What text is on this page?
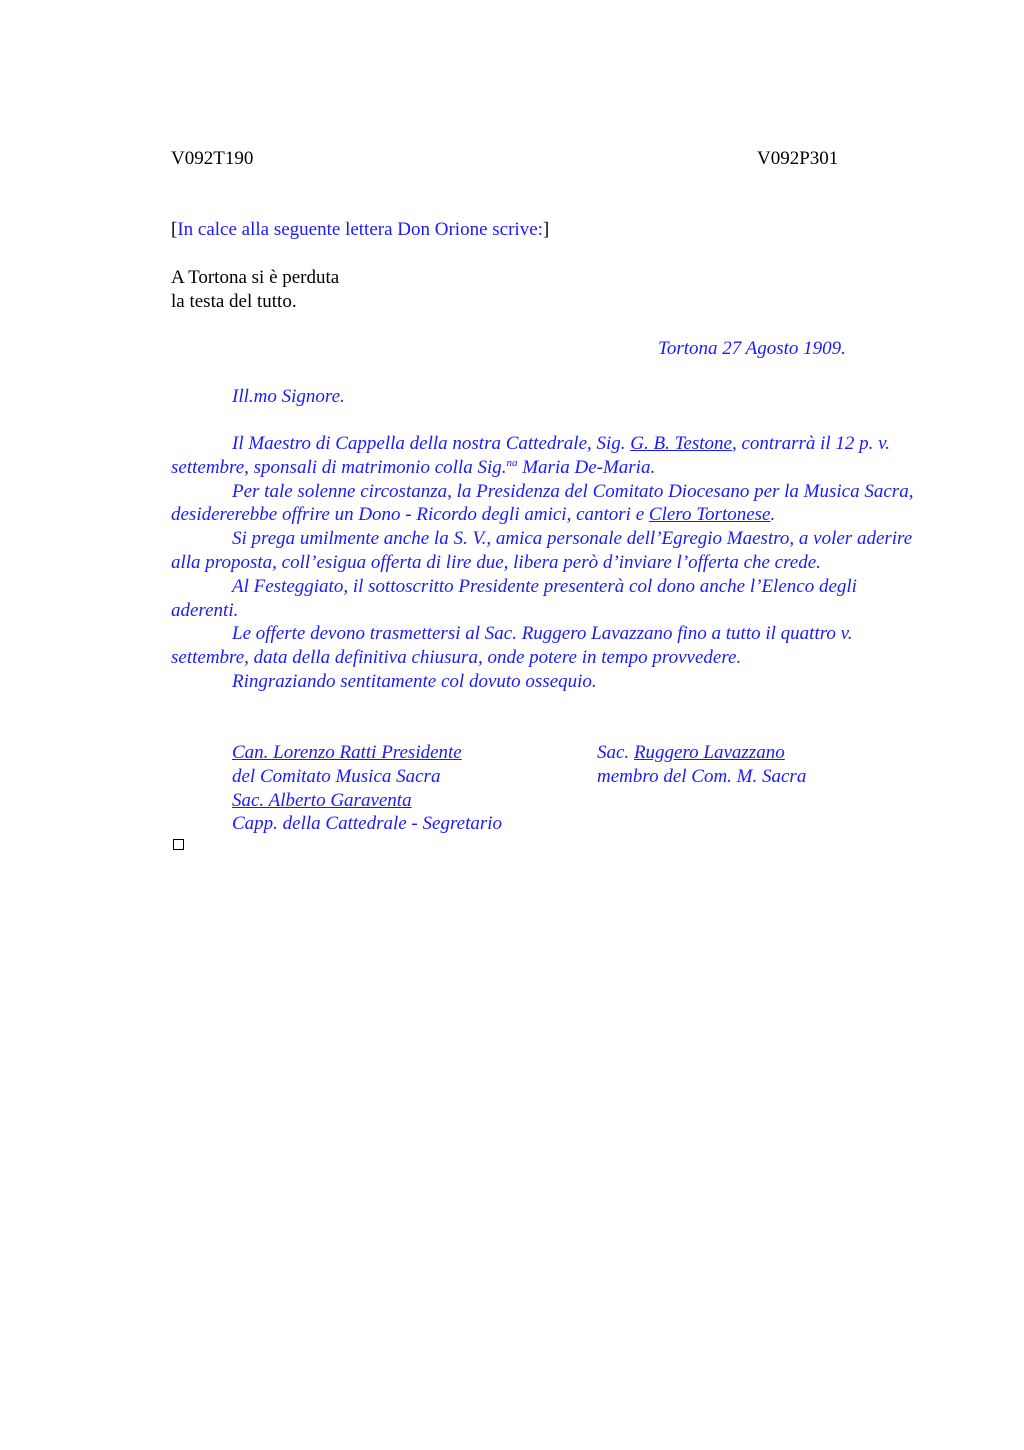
V092T190	V092P301
[In calce alla seguente lettera Don Orione scrive:]
A Tortona si è perduta
la testa del tutto.
Tortona 27 Agosto 1909.
Ill.mo Signore.

Il Maestro di Cappella della nostra Cattedrale, Sig. G. B. Testone, contrarrà il 12 p. v. settembre, sponsali di matrimonio colla Sig.$^{na}$ Maria De-Maria.

Per tale solenne circostanza, la Presidenza del Comitato Diocesano per la Musica Sacra, desidererebbe offrire un Dono - Ricordo degli amici, cantori e Clero Tortonese.

Si prega umilmente anche la S. V., amica personale dell’Egregio Maestro, a voler aderire alla proposta, coll’esigua offerta di lire due, libera però d’inviare l’offerta che crede.

Al Festeggiato, il sottoscritto Presidente presenterà col dono anche l’Elenco degli aderenti.

Le offerte devono trasmettersi al Sac. Ruggero Lavazzano fino a tutto il quattro v. settembre, data della definitiva chiusura, onde potere in tempo provvedere.

Ringraziando sentitamente col dovuto ossequio.

Can. Lorenzo Ratti Presidente
del Comitato Musica Sacra
Sac. Alberto Garaventa
Capp. della Cattedrale - Segretario
Sac. Ruggero Lavazzano
membro del Com. M. Sacra
